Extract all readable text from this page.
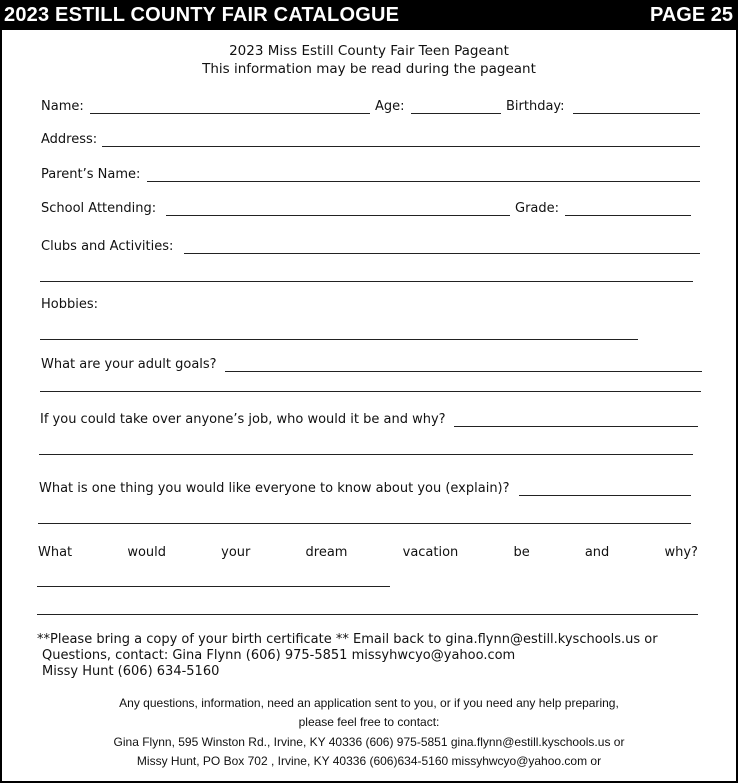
2023 ESTILL COUNTY FAIR CATALOGUE	PAGE 25
2023 Miss Estill County Fair Teen Pageant
This information may be read during the pageant
Name:	Age:	Birthday:
Address:
Parent’s Name:
School Attending:	Grade:
Clubs and Activities:
Hobbies:
What are your adult goals?
If you could take over anyone’s job, who would it be and why?
What is one thing you would like everyone to know about you (explain)?
What	would	your	dream	vacation	be	and	why?
**Please bring a copy of your birth certificate ** Email back to gina.flynn@estill.kyschools.us or
Questions, contact: Gina Flynn (606) 975-5851 missyhwcyo@yahoo.com
Missy Hunt (606) 634-5160
Any questions, information, need an application sent to you, or if you need any help preparing,
please feel free to contact:
Gina Flynn, 595 Winston Rd., Irvine, KY 40336 (606) 975-5851 gina.flynn@estill.kyschools.us or
Missy Hunt, PO Box 702 , Irvine, KY 40336 (606)634-5160 missyhwcyo@yahoo.com or
